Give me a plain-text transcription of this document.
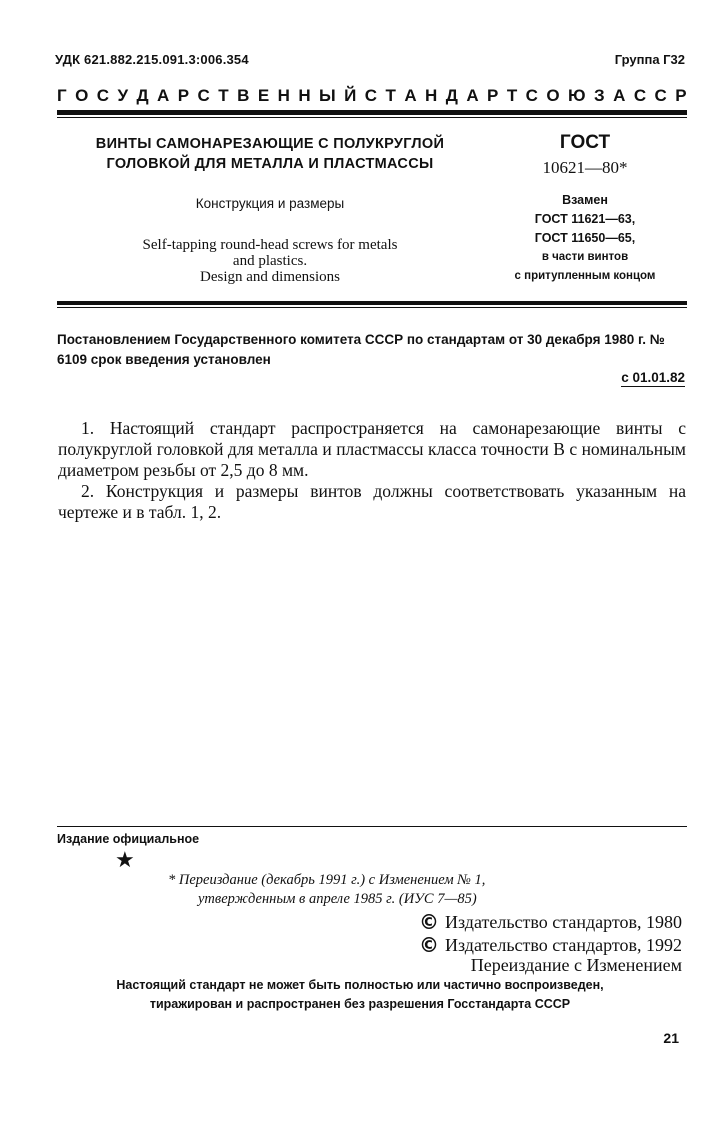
УДК 621.882.215.091.3:006.354	Группа Г32
Г О С У Д А Р С Т В Е Н Н Ы Й С Т А Н Д А Р Т С О Ю З А С С Р
ВИНТЫ САМОНАРЕЗАЮЩИЕ С ПОЛУКРУГЛОЙ
ГОЛОВКОЙ ДЛЯ МЕТАЛЛА И ПЛАСТМАССЫ
Конструкция и размеры
Self-tapping round-head screws for metals
and plastics.
Design and dimensions
ГОСТ
10621—80*
Взамен
ГОСТ 11621—63,
ГОСТ 11650—65,
в части винтов
с притупленным концом
Постановлением Государственного комитета СССР по стандартам от 30 декабря 1980 г. № 6109 срок введения установлен
с 01.01.82

1. Настоящий стандарт распространяется на самонарезающие винты с полукруглой головкой для металла и пластмассы класса точности В с номинальным диаметром резьбы от 2,5 до 8 мм.

2. Конструкция и размеры винтов должны соответствовать указанным на чертеже и в табл. 1, 2.

Издание официальное
★
* Переиздание (декабрь 1991 г.) с Изменением № 1,
утвержденным в апреле 1985 г. (ИУС 7—85)
© Издательство стандартов, 1980
© Издательство стандартов, 1992
Переиздание с Изменением
Настоящий стандарт не может быть полностью или частично воспроизведен,
тиражирован и распространен без разрешения Госстандарта СССР
21
